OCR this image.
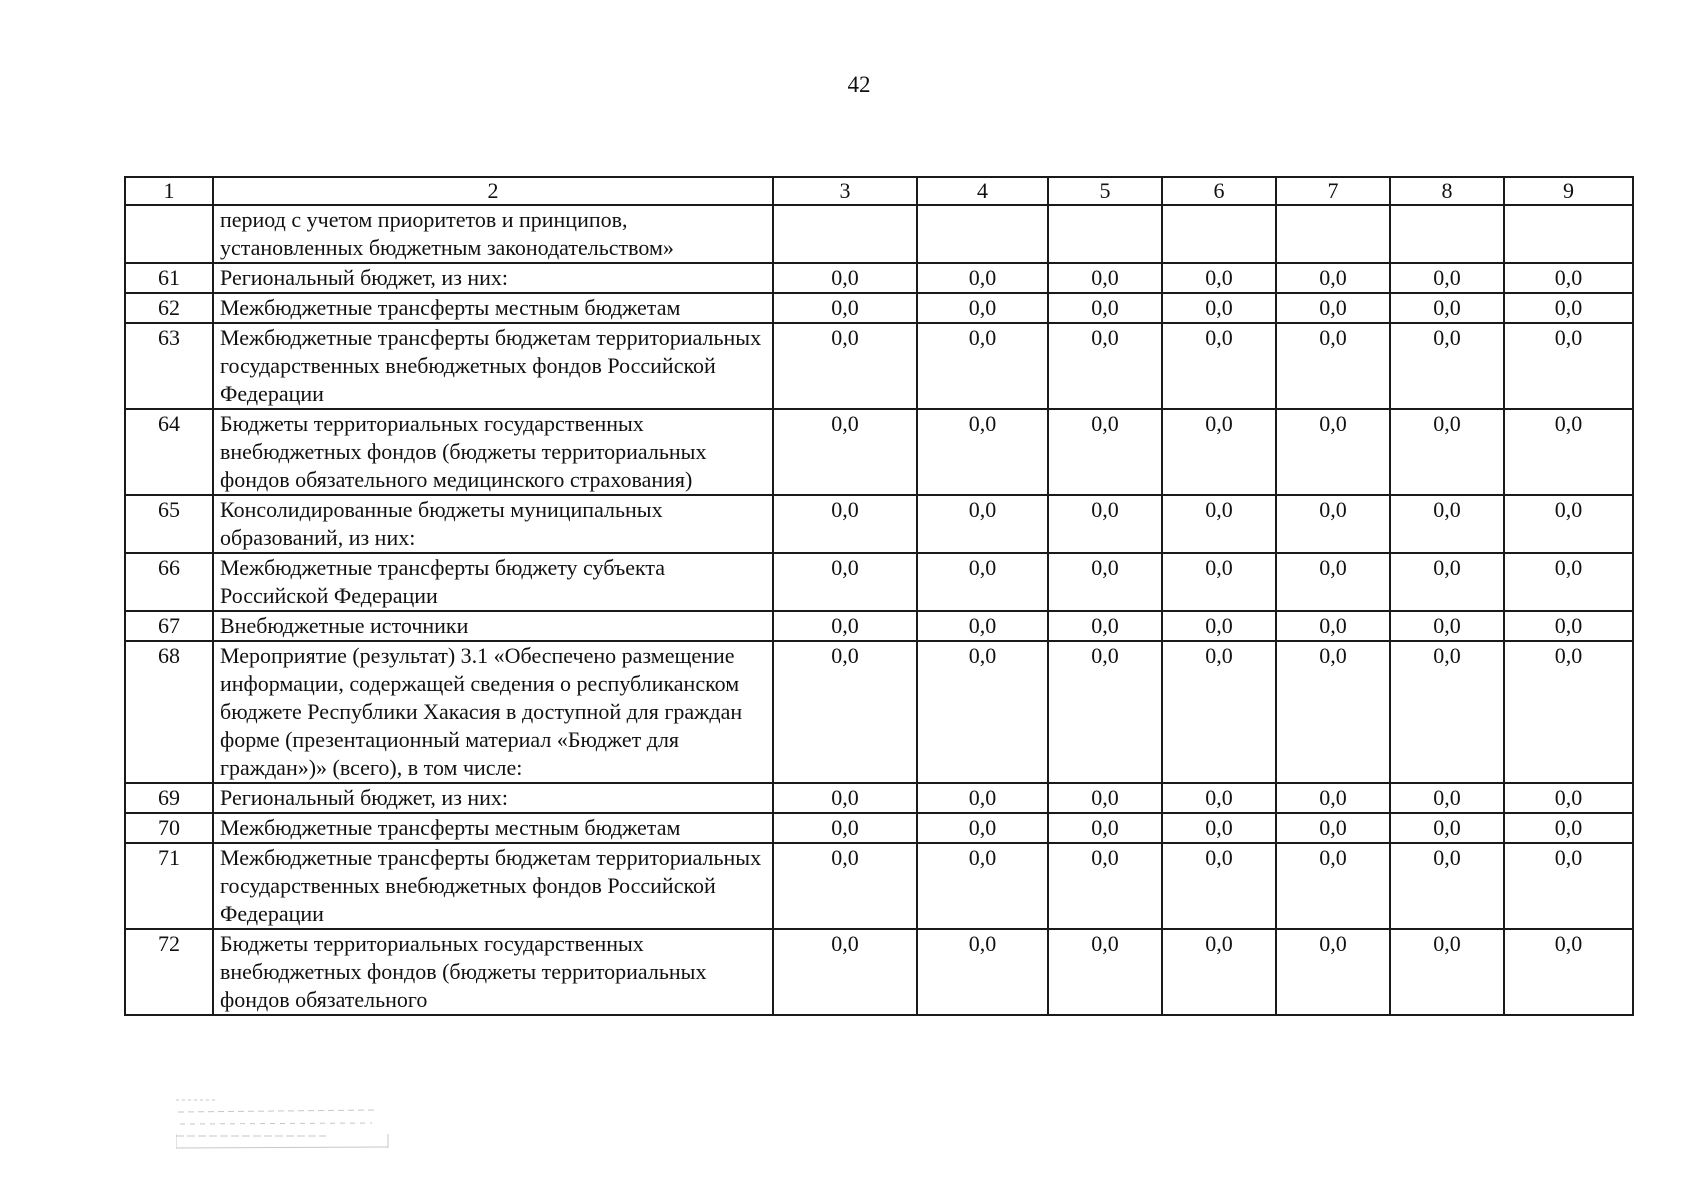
42
1	2	3	4	5	6	7	8	9
	период с учетом приоритетов и принципов, установленных бюджетным законодательством»							
61	Региональный бюджет, из них:	0,0	0,0	0,0	0,0	0,0	0,0	0,0
62	Межбюджетные трансферты местным бюджетам	0,0	0,0	0,0	0,0	0,0	0,0	0,0
63	Межбюджетные трансферты бюджетам территориальных государственных внебюджетных фондов Российской Федерации	0,0	0,0	0,0	0,0	0,0	0,0	0,0
64	Бюджеты территориальных государственных внебюджетных фондов (бюджеты территориальных фондов обязательного медицинского страхования)	0,0	0,0	0,0	0,0	0,0	0,0	0,0
65	Консолидированные бюджеты муниципальных образований, из них:	0,0	0,0	0,0	0,0	0,0	0,0	0,0
66	Межбюджетные трансферты бюджету субъекта Российской Федерации	0,0	0,0	0,0	0,0	0,0	0,0	0,0
67	Внебюджетные источники	0,0	0,0	0,0	0,0	0,0	0,0	0,0
68	Мероприятие (результат) 3.1 «Обеспечено размещение информации, содержащей сведения о республиканском бюджете Республики Хакасия в доступной для граждан форме (презентационный материал «Бюджет для граждан»)» (всего), в том числе:	0,0	0,0	0,0	0,0	0,0	0,0	0,0
69	Региональный бюджет, из них:	0,0	0,0	0,0	0,0	0,0	0,0	0,0
70	Межбюджетные трансферты местным бюджетам	0,0	0,0	0,0	0,0	0,0	0,0	0,0
71	Межбюджетные трансферты бюджетам территориальных государственных внебюджетных фондов Российской Федерации	0,0	0,0	0,0	0,0	0,0	0,0	0,0
72	Бюджеты территориальных государственных внебюджетных фондов (бюджеты территориальных фондов обязательного	0,0	0,0	0,0	0,0	0,0	0,0	0,0
